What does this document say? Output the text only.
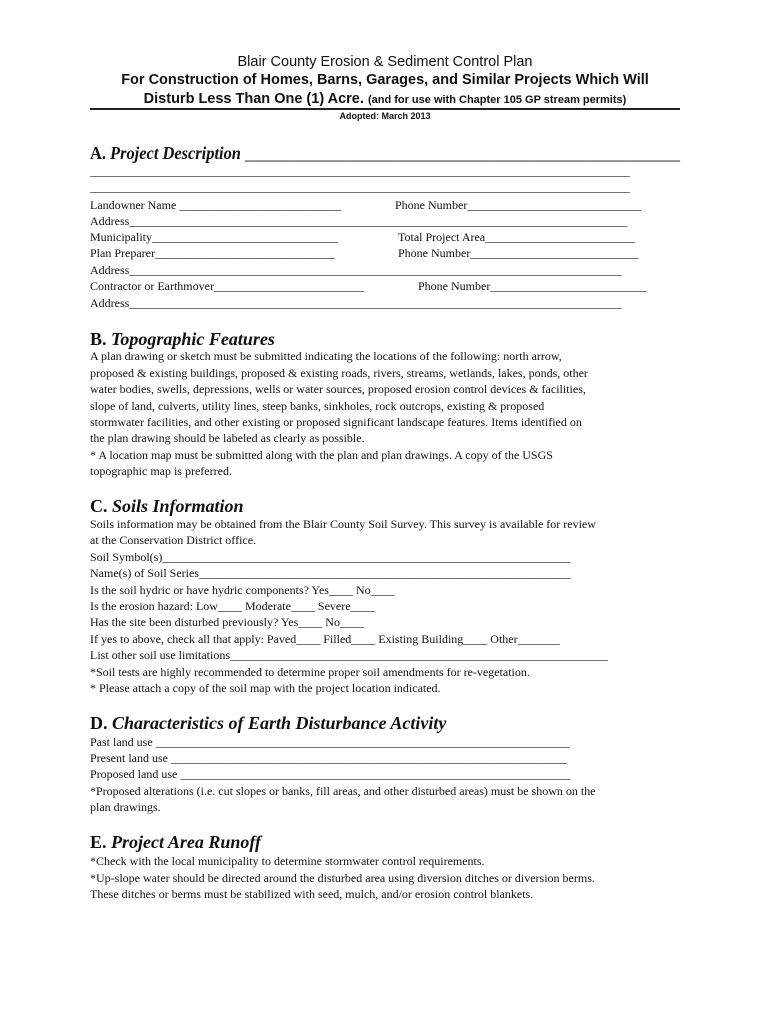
Blair County Erosion & Sediment Control Plan
For Construction of Homes, Barns, Garages, and Similar Projects Which Will
Disturb Less Than One (1) Acre. (and for use with Chapter 105 GP stream permits)
Adopted: March 2013
A. Project Description _____________________________________________________
__________________________________________________________________________________________
__________________________________________________________________________________________
Landowner Name ___________________________	Phone Number_____________________________
Address___________________________________________________________________________________
Municipality_______________________________	Total Project Area_________________________
Plan Preparer______________________________	Phone Number____________________________
Address__________________________________________________________________________________
Contractor or Earthmover_________________________	Phone Number__________________________
Address__________________________________________________________________________________
B. Topographic Features
A plan drawing or sketch must be submitted indicating the locations of the following: north arrow,
proposed & existing buildings, proposed & existing roads, rivers, streams, wetlands, lakes, ponds, other
water bodies, swells, depressions, wells or water sources, proposed erosion control devices & facilities,
slope of land, culverts, utility lines, steep banks, sinkholes, rock outcrops, existing & proposed
stormwater facilities, and other existing or proposed significant landscape features. Items identified on
the plan drawing should be labeled as clearly as possible.
* A location map must be submitted along with the plan and plan drawings. A copy of the USGS
topographic map is preferred.
C. Soils Information
Soils information may be obtained from the Blair County Soil Survey. This survey is available for review
at the Conservation District office.
Soil Symbol(s)____________________________________________________________________
Name(s) of Soil Series______________________________________________________________
Is the soil hydric or have hydric components? Yes____ No____
Is the erosion hazard: Low____ Moderate____ Severe____
Has the site been disturbed previously? Yes____ No____
If yes to above, check all that apply: Paved____ Filled____ Existing Building____ Other_______
List other soil use limitations_______________________________________________________________
*Soil tests are highly recommended to determine proper soil amendments for re-vegetation.
* Please attach a copy of the soil map with the project location indicated.
D. Characteristics of Earth Disturbance Activity
Past land use _____________________________________________________________________
Present land use __________________________________________________________________
Proposed land use _________________________________________________________________
*Proposed alterations (i.e. cut slopes or banks, fill areas, and other disturbed areas) must be shown on the
plan drawings.
E. Project Area Runoff
*Check with the local municipality to determine stormwater control requirements.
*Up-slope water should be directed around the disturbed area using diversion ditches or diversion berms.
These ditches or berms must be stabilized with seed, mulch, and/or erosion control blankets.
